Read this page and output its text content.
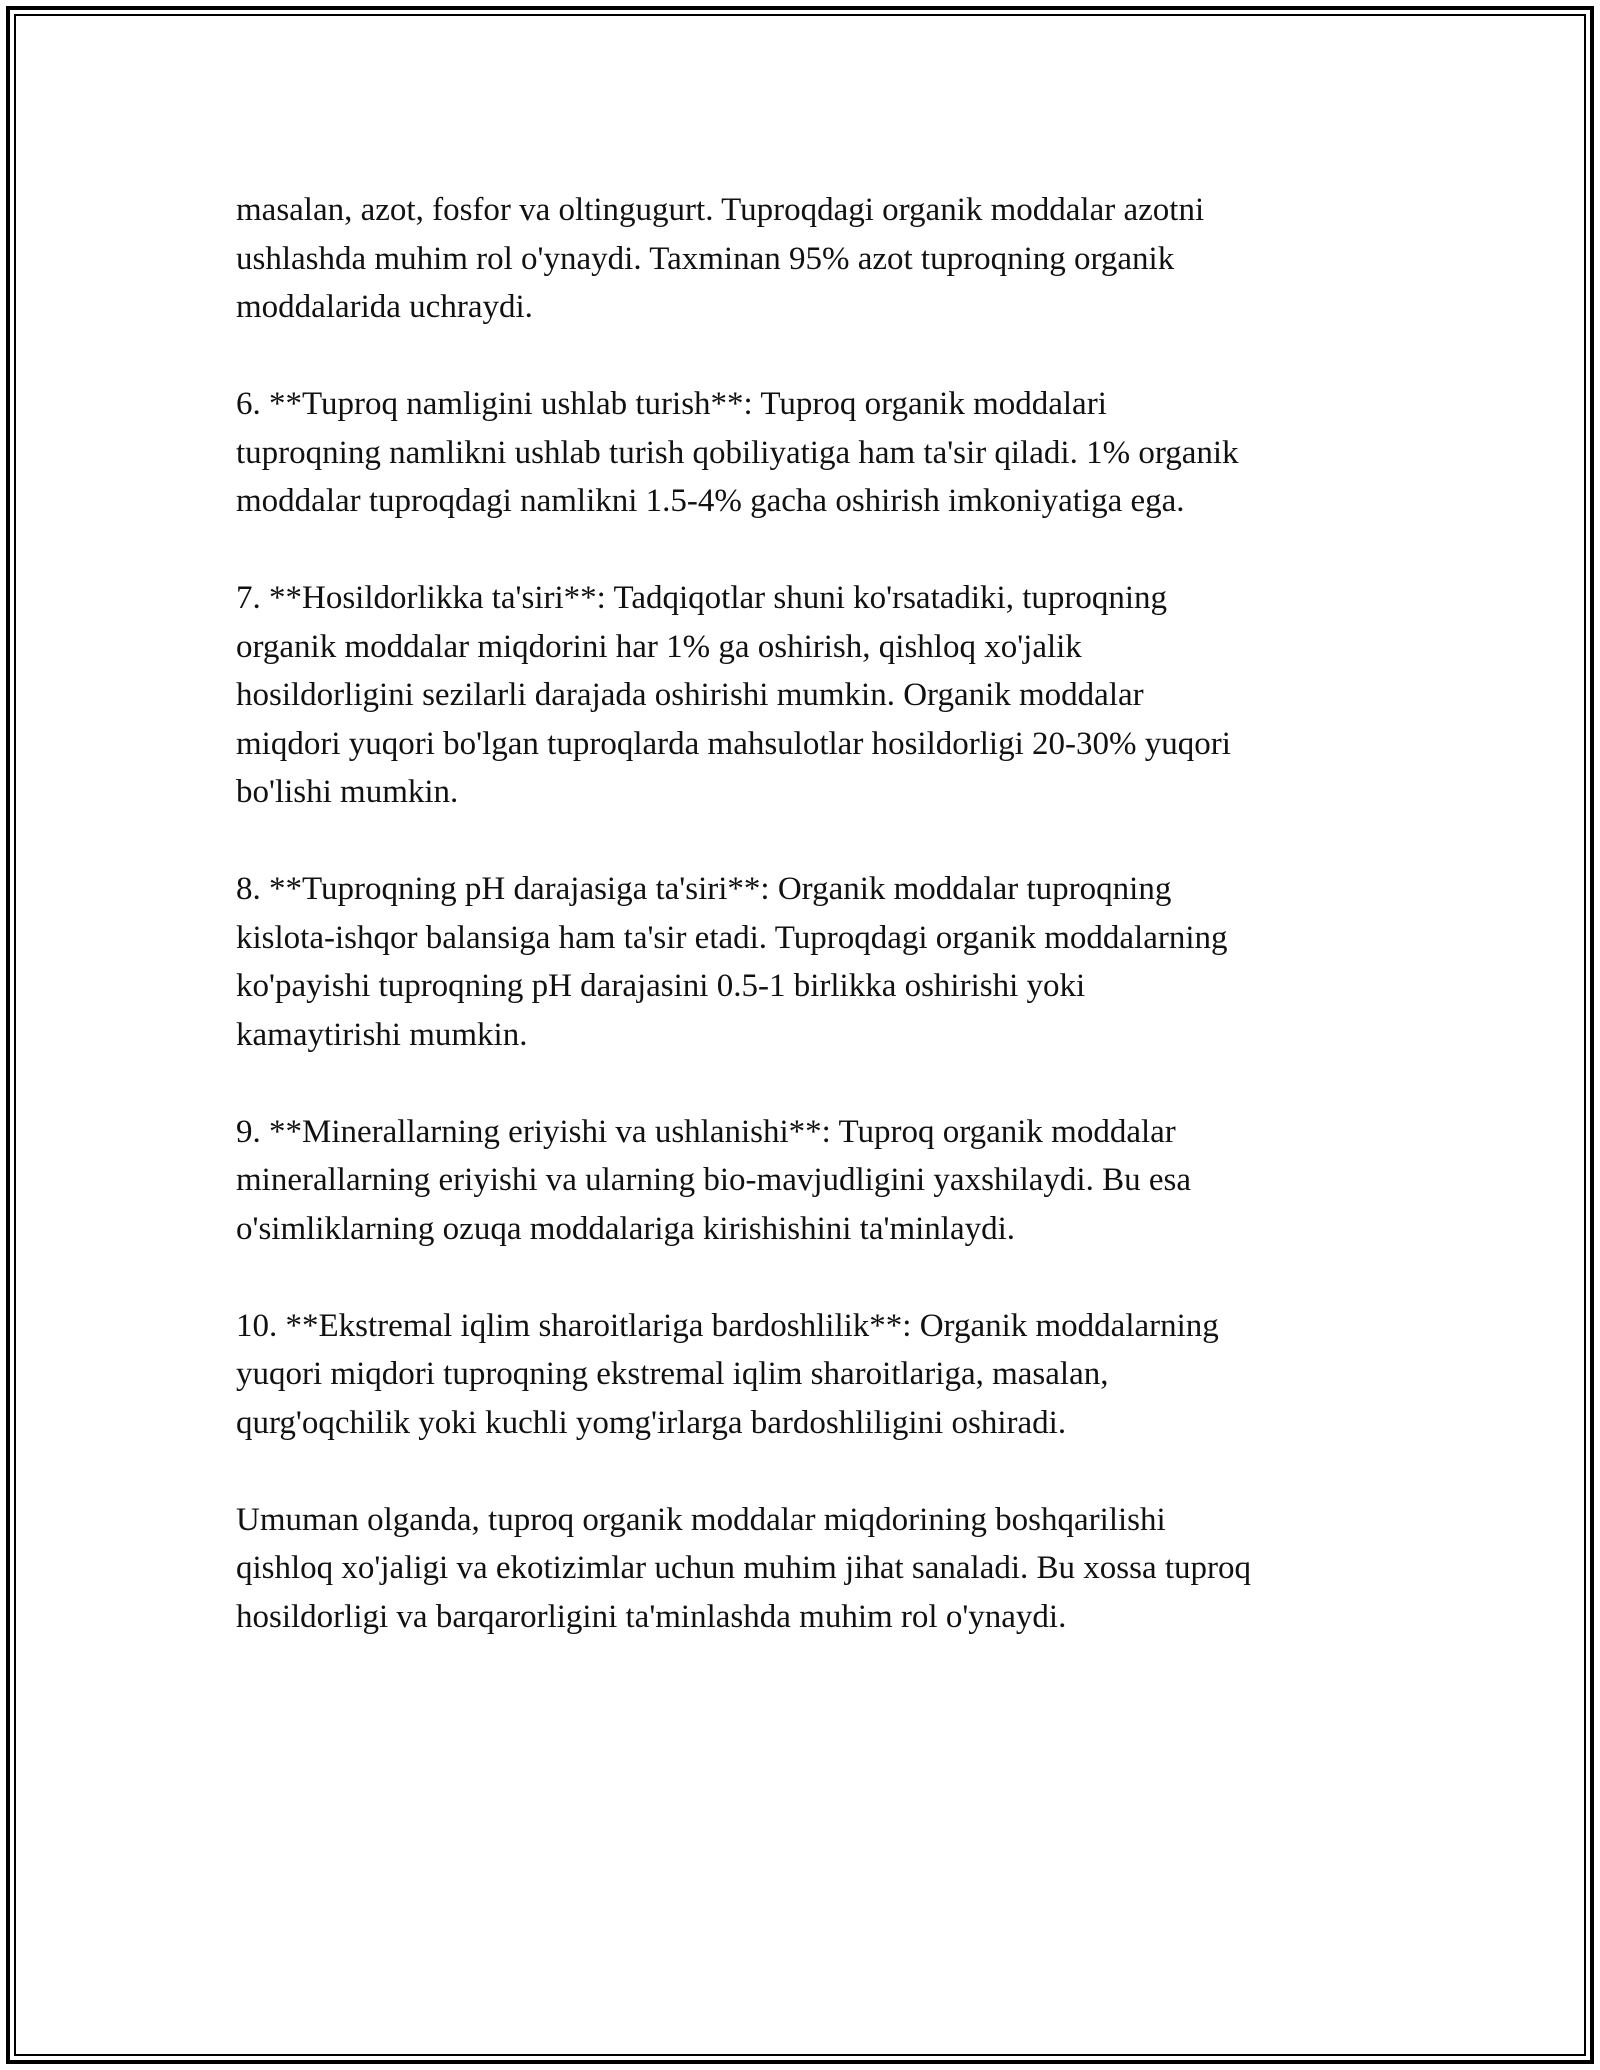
masalan, azot, fosfor va oltingugurt. Tuproqdagi organik moddalar azotni
ushlashda muhim rol o'ynaydi. Taxminan 95% azot tuproqning organik
moddalarida uchraydi.

6. **Tuproq namligini ushlab turish**: Tuproq organik moddalari
tuproqning namlikni ushlab turish qobiliyatiga ham ta'sir qiladi. 1% organik
moddalar tuproqdagi namlikni 1.5-4% gacha oshirish imkoniyatiga ega.

7. **Hosildorlikka ta'siri**: Tadqiqotlar shuni ko'rsatadiki, tuproqning
organik moddalar miqdorini har 1% ga oshirish, qishloq xo'jalik
hosildorligini sezilarli darajada oshirishi mumkin. Organik moddalar
miqdori yuqori bo'lgan tuproqlarda mahsulotlar hosildorligi 20-30% yuqori
bo'lishi mumkin.

8. **Tuproqning pH darajasiga ta'siri**: Organik moddalar tuproqning
kislota-ishqor balansiga ham ta'sir etadi. Tuproqdagi organik moddalarning
ko'payishi tuproqning pH darajasini 0.5-1 birlikka oshirishi yoki
kamaytirishi mumkin.

9. **Minerallarning eriyishi va ushlanishi**: Tuproq organik moddalar
minerallarning eriyishi va ularning bio-mavjudligini yaxshilaydi. Bu esa
o'simliklarning ozuqa moddalariga kirishishini ta'minlaydi.

10. **Ekstremal iqlim sharoitlariga bardoshlilik**: Organik moddalarning
yuqori miqdori tuproqning ekstremal iqlim sharoitlariga, masalan,
qurg'oqchilik yoki kuchli yomg'irlarga bardoshliligini oshiradi.

Umuman olganda, tuproq organik moddalar miqdorining boshqarilishi
qishloq xo'jaligi va ekotizimlar uchun muhim jihat sanaladi. Bu xossa tuproq
hosildorligi va barqarorligini ta'minlashda muhim rol o'ynaydi.
